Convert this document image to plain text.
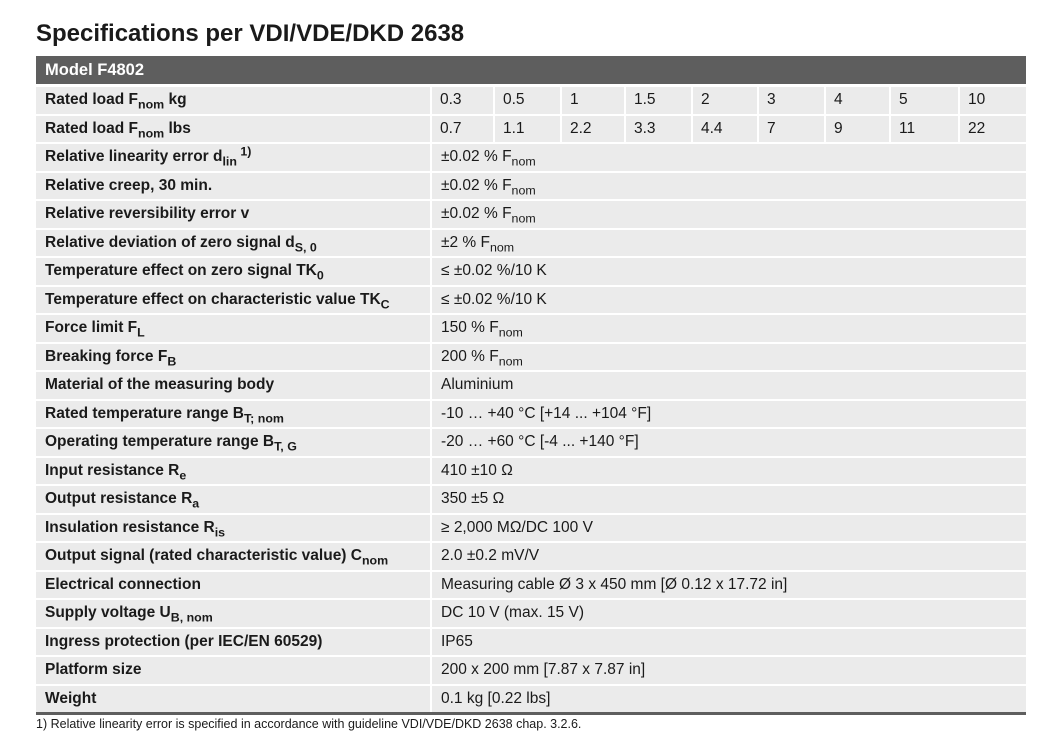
Specifications per VDI/VDE/DKD 2638
Model F4802									
Rated load $F_{nom}$ kg	0.3	0.5	1	1.5	2	3	4	5	10
Rated load $F_{nom}$ lbs	0.7	1.1	2.2	3.3	4.4	7	9	11	22
Relative linearity error $d_{lin}$ $^{1)}$	±0.02 % $F_{nom}$
Relative creep, 30 min.	±0.02 % $F_{nom}$
Relative reversibility error v	±0.02 % $F_{nom}$
Relative deviation of zero signal $d_{S, 0}$	±2 % $F_{nom}$
Temperature effect on zero signal $TK_0$	≤ ±0.02 %/10 K								
Temperature effect on characteristic value $TK_C$	≤ ±0.02 %/10 K								
Force limit $F_L$	150 % $F_{nom}$
Breaking force $F_B$	200 % $F_{nom}$
Material of the measuring body	Aluminium								
Rated temperature range $B_{T; nom}$	-10 … +40 °C [+14 ... +104 °F]								
Operating temperature range $B_{T, G}$	-20 … +60 °C [-4 ... +140 °F]								
Input resistance $R_e$	410 ±10 Ω								
Output resistance $R_a$	350 ±5 Ω								
Insulation resistance $R_{is}$	≥ 2,000 MΩ/DC 100 V								
Output signal (rated characteristic value) $C_{nom}$	2.0 ±0.2 mV/V								
Electrical connection	Measuring cable Ø 3 x 450 mm [Ø 0.12 x 17.72 in]								
Supply voltage $U_{B, nom}$	DC 10 V (max. 15 V)								
Ingress protection (per IEC/EN 60529)	IP65								
Platform size	200 x 200 mm [7.87 x 7.87 in]								
Weight	0.1 kg [0.22 lbs]								
1) Relative linearity error is specified in accordance with guideline VDI/VDE/DKD 2638 chap. 3.2.6.
